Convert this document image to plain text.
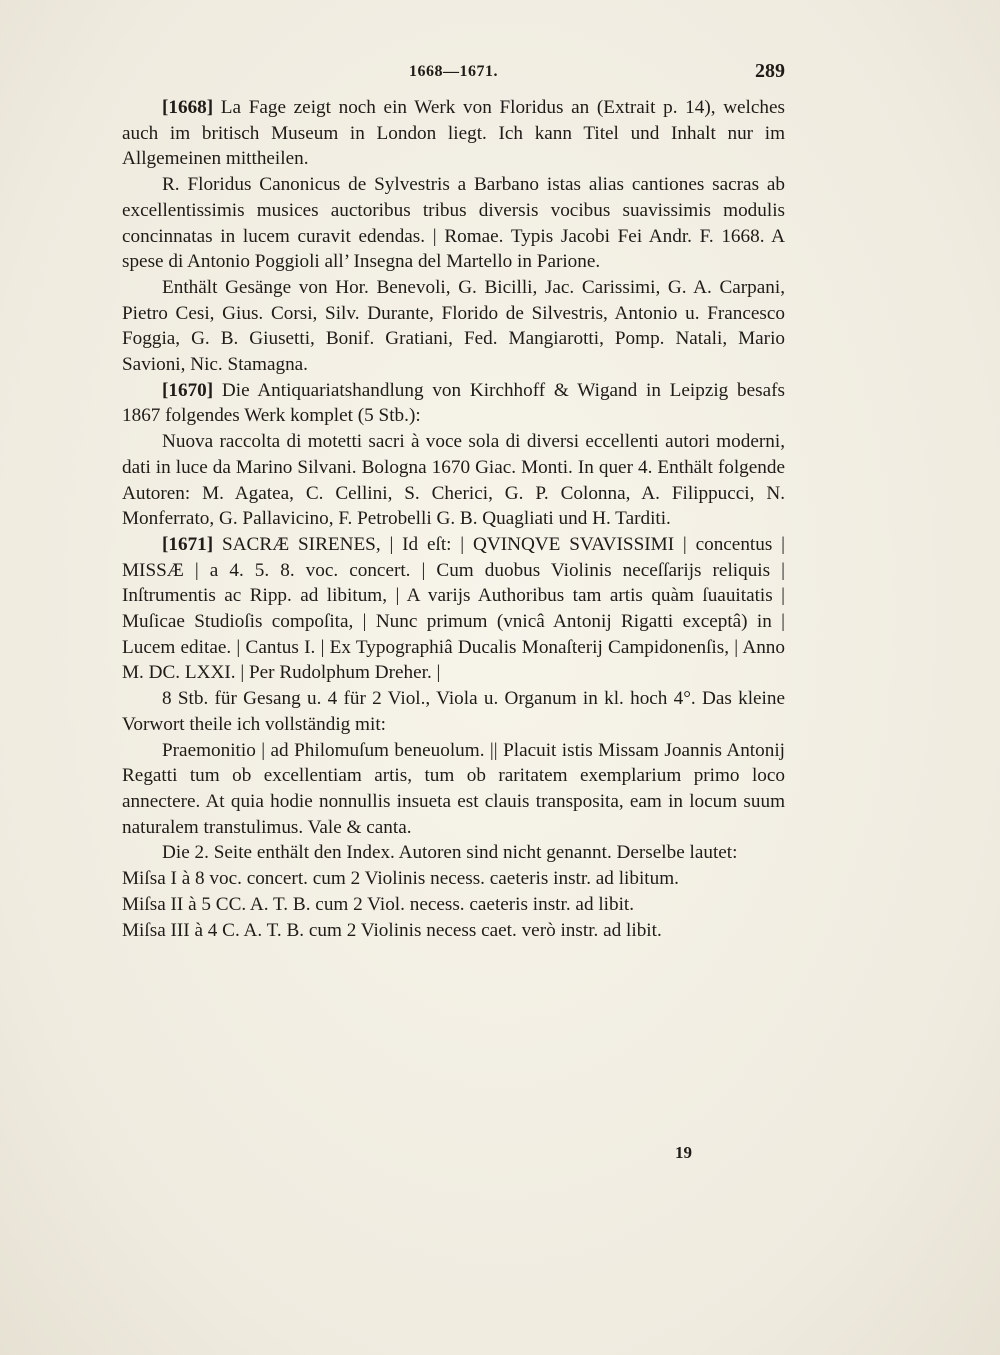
1668—1671.	289

[1668] La Fage zeigt noch ein Werk von Floridus an (Extrait p. 14), welches auch im britisch Museum in London liegt. Ich kann Titel und Inhalt nur im Allgemeinen mittheilen.

R. Floridus Canonicus de Sylvestris a Barbano istas alias cantiones sacras ab excellentissimis musices auctoribus tribus diversis vocibus suavissimis modulis concinnatas in lucem curavit edendas. | Romae. Typis Jacobi Fei Andr. F. 1668. A spese di Antonio Poggioli all’ Insegna del Martello in Parione.

Enthält Gesänge von Hor. Benevoli, G. Bicilli, Jac. Carissimi, G. A. Carpani, Pietro Cesi, Gius. Corsi, Silv. Durante, Florido de Silvestris, Antonio u. Francesco Foggia, G. B. Giusetti, Bonif. Gratiani, Fed. Mangiarotti, Pomp. Natali, Mario Savioni, Nic. Stamagna.

[1670] Die Antiquariatshandlung von Kirchhoff & Wigand in Leipzig besafs 1867 folgendes Werk komplet (5 Stb.):

Nuova raccolta di motetti sacri à voce sola di diversi eccellenti autori moderni, dati in luce da Marino Silvani. Bologna 1670 Giac. Monti. In quer 4. Enthält folgende Autoren: M. Agatea, C. Cellini, S. Cherici, G. P. Colonna, A. Filippucci, N. Monferrato, G. Pallavicino, F. Petrobelli G. B. Quagliati und H. Tarditi.

[1671] SACRÆ SIRENES, | Id eſt: | QVINQVE SVAVISSIMI | concentus | MISSÆ | a 4. 5. 8. voc. concert. | Cum duobus Violinis neceſſarijs reliquis | Inſtrumentis ac Ripp. ad libitum, | A varijs Authoribus tam artis quàm ſuauitatis | Muſicae Studioſis compoſita, | Nunc primum (vnicâ Antonij Rigatti exceptâ) in | Lucem editae. | Cantus I. | Ex Typographiâ Ducalis Monaſterij Campidonenſis, | Anno M. DC. LXXI. | Per Rudolphum Dreher. |

8 Stb. für Gesang u. 4 für 2 Viol., Viola u. Organum in kl. hoch 4°. Das kleine Vorwort theile ich vollständig mit:

Praemonitio | ad Philomuſum beneuolum. || Placuit istis Missam Joannis Antonij Regatti tum ob excellentiam artis, tum ob raritatem exemplarium primo loco annectere. At quia hodie nonnullis insueta est clauis transposita, eam in locum suum naturalem transtulimus. Vale & canta.

Die 2. Seite enthält den Index. Autoren sind nicht genannt. Derselbe lautet:

Miſsa I à 8 voc. concert. cum 2 Violinis necess. caeteris instr. ad libitum.

Miſsa II à 5 CC. A. T. B. cum 2 Viol. necess. caeteris instr. ad libit.

Miſsa III à 4 C. A. T. B. cum 2 Violinis necess caet. verò instr. ad libit.

19
